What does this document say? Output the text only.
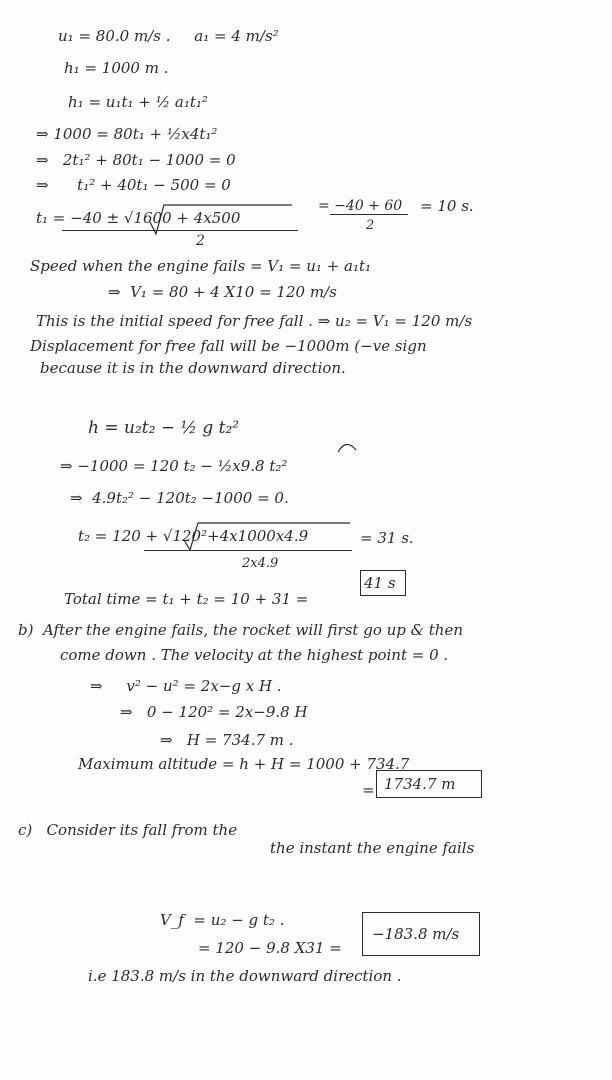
u₁ = 80.0 m/s .     a₁ = 4 m/s²
h₁ = 1000 m .
h₁ = u₁t₁ + ½ a₁t₁²
⇒ 1000 = 80t₁ + ½x4t₁²
⇒   2t₁² + 80t₁ − 1000 = 0
⇒      t₁² + 40t₁ − 500 = 0
t₁ = −40 ± √1600 + 4x500
= −40 + 60 = 10 s.
2
2
Speed when the engine fails = V₁ = u₁ + a₁t₁
⇒  V₁ = 80 + 4 X10 = 120 m/s
This is the initial speed for free fall . ⇒ u₂ = V₁ = 120 m/s
Displacement for free fall will be −1000m (−ve sign
because it is in the downward direction.
h = u₂t₂ − ½ g t₂²
⇒ −1000 = 120 t₂ − ½x9.8 t₂²
⇒  4.9t₂² − 120t₂ −1000 = 0.
t₂ = 120 + √120²+4x1000x4.9	= 31 s.
2x4.9
Total time = t₁ + t₂ = 10 + 31 =
41 s
b)  After the engine fails, the rocket will first go up & then
come down . The velocity at the highest point = 0 .
⇒     v² − u² = 2x−g x H .
⇒   0 − 120² = 2x−9.8 H
⇒   H = 734.7 m .
Maximum altitude = h + H = 1000 + 734.7
= 1734.7 m
c)   Consider its fall from the
the instant the engine fails
V_f  = u₂ − g t₂ .
= 120 − 9.8 X31 =
−183.8 m/s
i.e 183.8 m/s in the downward direction .
